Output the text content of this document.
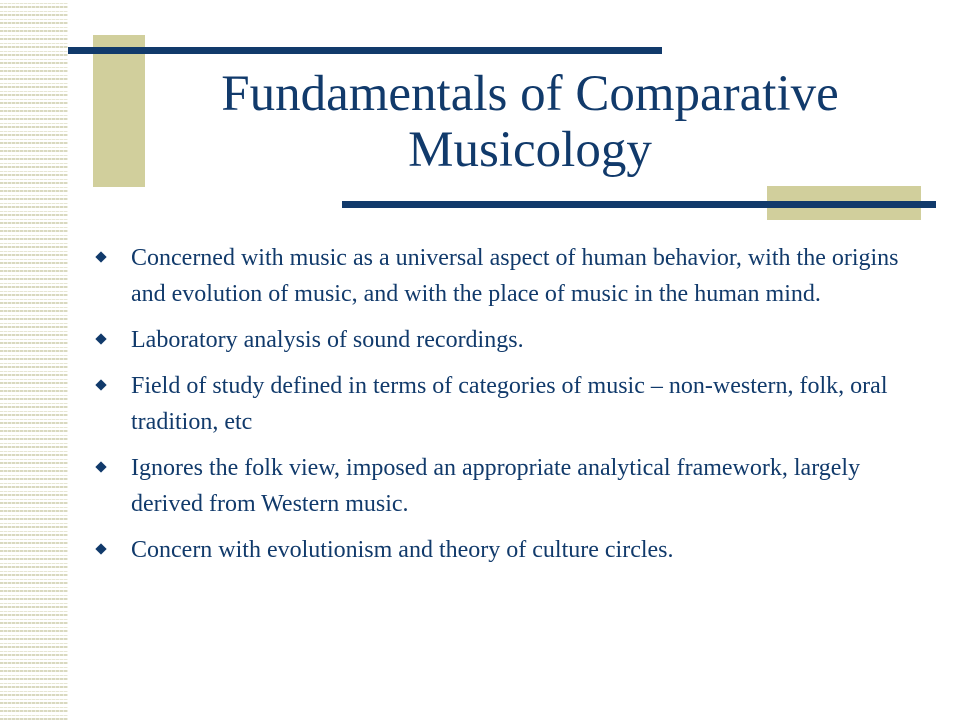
Fundamentals of Comparative
Musicology
Concerned with music as a universal aspect of human behavior, with the origins and evolution of music, and with the place of music in the human mind.
Laboratory analysis of sound recordings.
Field of study defined in terms of categories of music – non-western, folk, oral tradition, etc
Ignores the folk view, imposed an appropriate analytical framework, largely derived from Western music.
Concern with evolutionism and theory of culture circles.
